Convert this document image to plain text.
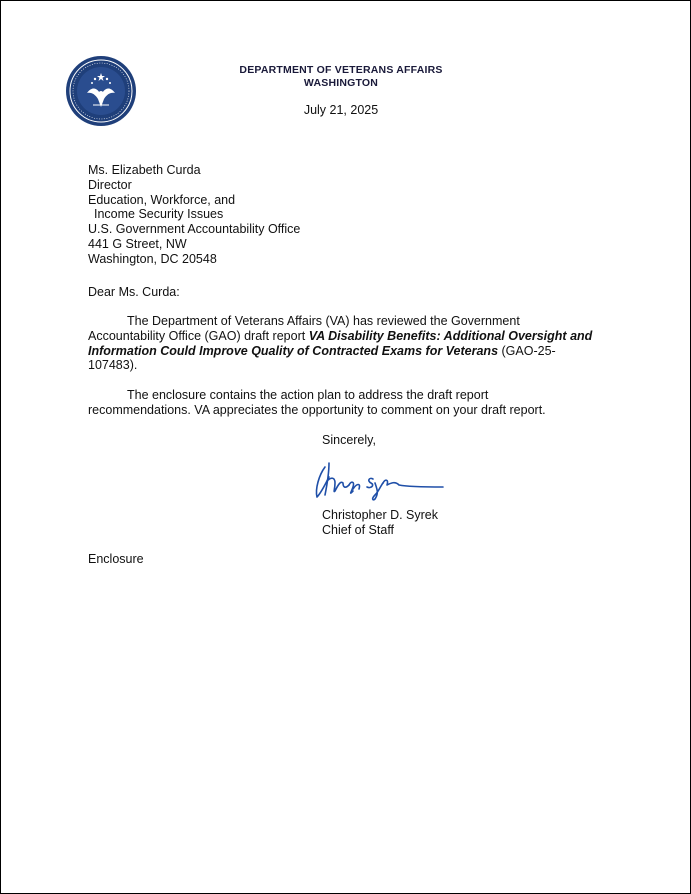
DEPARTMENT OF VETERANS AFFAIRS
WASHINGTON
July 21, 2025
Ms. Elizabeth Curda
Director
Education, Workforce, and
Income Security Issues
U.S. Government Accountability Office
441 G Street, NW
Washington, DC 20548
Dear Ms. Curda:

The Department of Veterans Affairs (VA) has reviewed the Government Accountability Office (GAO) draft report VA Disability Benefits: Additional Oversight and Information Could Improve Quality of Contracted Exams for Veterans (GAO-25-107483).

The enclosure contains the action plan to address the draft report recommendations. VA appreciates the opportunity to comment on your draft report.

Sincerely,
Christopher D. Syrek
Chief of Staff
Enclosure
